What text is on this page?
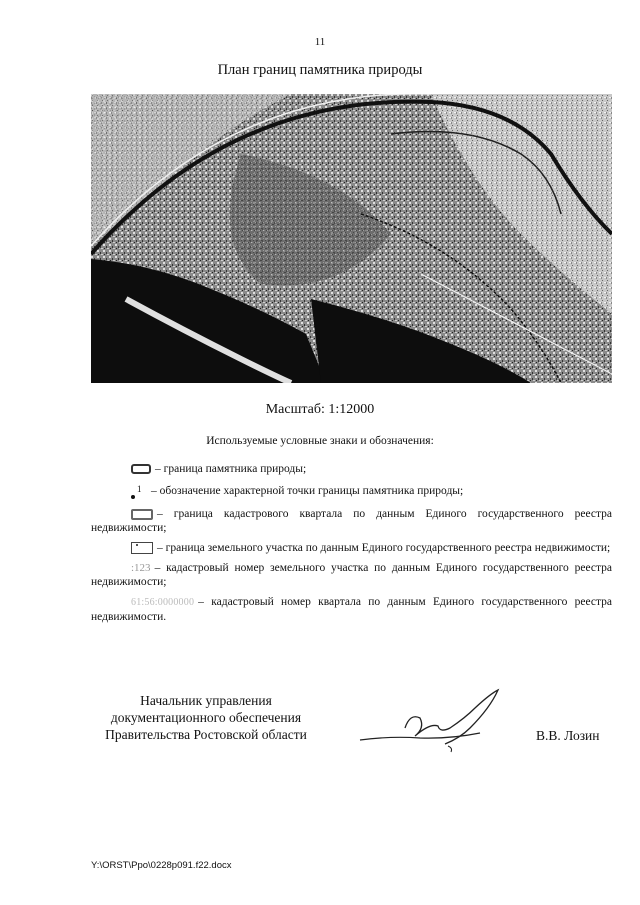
11
План границ памятника природы
Масштаб: 1:12000
Используемые условные знаки и обозначения:
– граница памятника природы;
$^1$ – обозначение характерной точки границы памятника природы;
– граница кадастрового квартала по данным Единого государственного реестра недвижимости;
– граница земельного участка по данным Единого государственного реестра недвижимости;
:123 – кадастровый номер земельного участка по данным Единого государственного реестра недвижимости;
61:56:0000000 – кадастровый номер квартала по данным Единого государственного реестра недвижимости.
Начальник управления
документационного обеспечения
Правительства Ростовской области	В.В. Лозин
Y:\ORST\Ppo\0228p091.f22.docx
